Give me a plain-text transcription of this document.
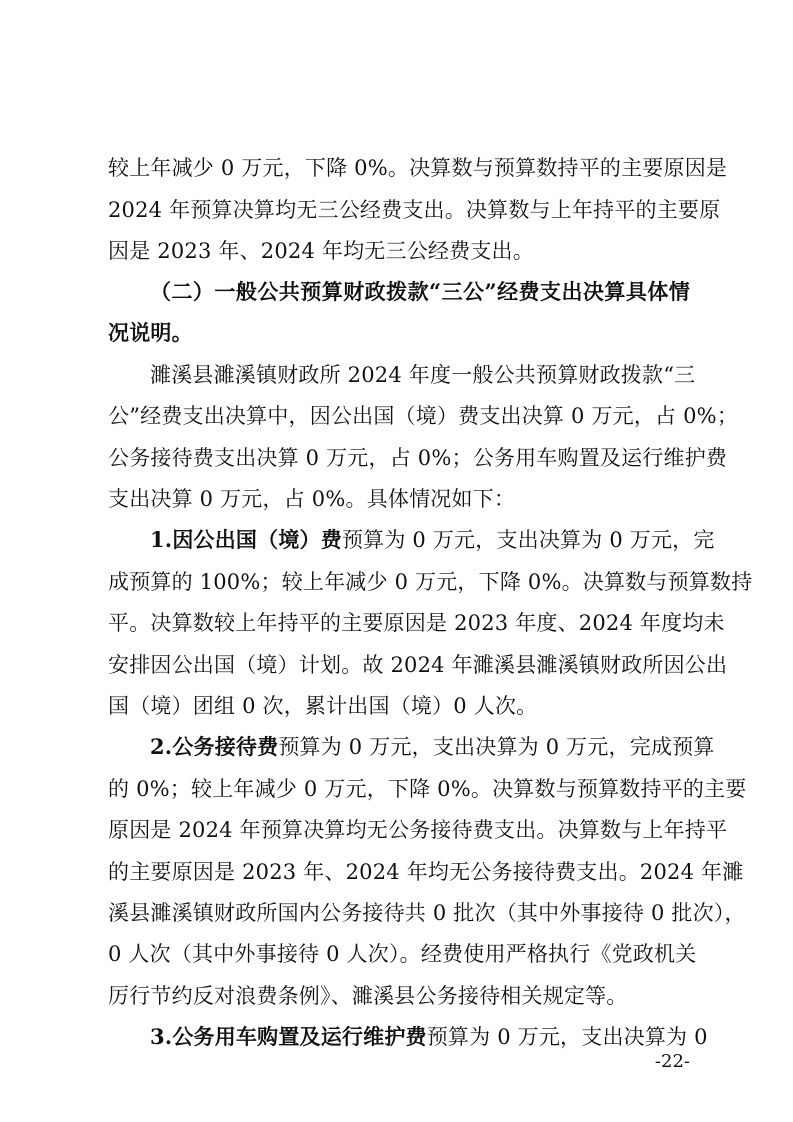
较上年减少 0 万元，下降 0%。决算数与预算数持平的主要原因是
2024 年预算决算均无三公经费支出。决算数与上年持平的主要原
因是 2023 年、2024 年均无三公经费支出。
（二）一般公共预算财政拨款“三公”经费支出决算具体情
况说明。
濉溪县濉溪镇财政所 2024 年度一般公共预算财政拨款“三
公”经费支出决算中，因公出国（境）费支出决算 0 万元，占 0%；
公务接待费支出决算 0 万元，占 0%；公务用车购置及运行维护费
支出决算 0 万元，占 0%。具体情况如下：
1.因公出国（境）费预算为 0 万元，支出决算为 0 万元，完
成预算的 100%；较上年减少 0 万元，下降 0%。决算数与预算数持
平。决算数较上年持平的主要原因是 2023 年度、2024 年度均未
安排因公出国（境）计划。故 2024 年濉溪县濉溪镇财政所因公出
国（境）团组 0 次，累计出国（境）0 人次。
2.公务接待费预算为 0 万元，支出决算为 0 万元，完成预算
的 0%；较上年减少 0 万元，下降 0%。决算数与预算数持平的主要
原因是 2024 年预算决算均无公务接待费支出。决算数与上年持平
的主要原因是 2023 年、2024 年均无公务接待费支出。2024 年濉
溪县濉溪镇财政所国内公务接待共 0 批次（其中外事接待 0 批次），
0 人次（其中外事接待 0 人次）。经费使用严格执行《党政机关
厉行节约反对浪费条例》、濉溪县公务接待相关规定等。
3.公务用车购置及运行维护费预算为 0 万元，支出决算为 0
-22-
